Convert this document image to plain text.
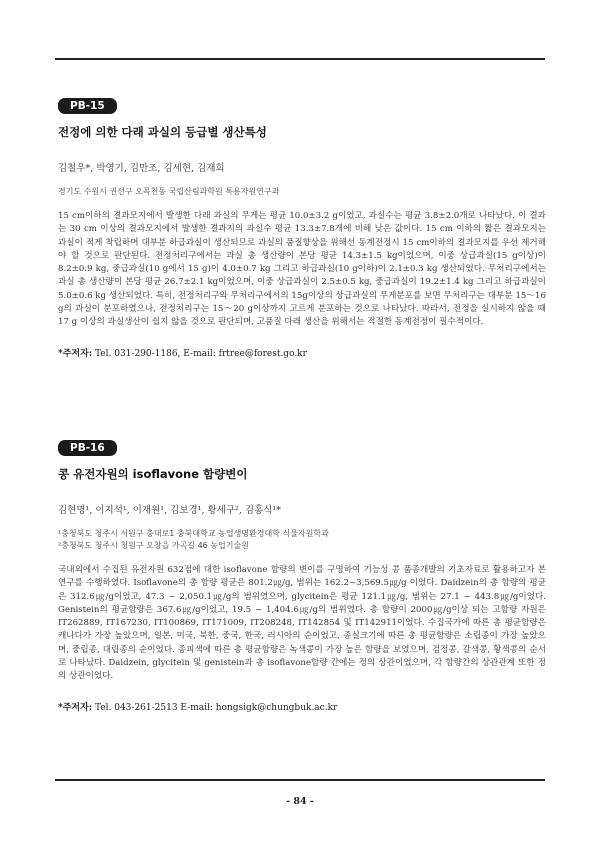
PB-15
전정에 의한 다래 과실의 등급별 생산특성
김철우*, 박영기, 김만조, 김세현, 김재희
경기도 수원시 권선구 오목천동 국립산림과학원 특용자원연구과
15 cm이하의 결과모지에서 발생한 다래 과실의 무게는 평균 10.0±3.2 g이었고, 과실수는 평균 3.8±2.0개로 나타났다. 이 결과는 30 cm 이상의 결과모지에서 발생한 결과지의 과실수 평균 13.3±7.8개에 비해 낮은 값이다. 15 cm 이하의 짧은 결과모지는 과실이 적게 착립하며 대부분 하급과실이 생산되므로 과실의 품질향상을 위해선 동계전정시 15 cm이하의 결과모지를 우선 제거해야 할 것으로 판단된다. 전정처리구에서는 과실 총 생산량이 본당 평균 14.3±1.5 kg이었으며, 이중 상급과실(15 g이상)이 8.2±0.9 kg, 중급과실(10 g에서 15 g)이 4.0±0.7 kg 그리고 하급과실(10 g이하)이 2.1±0.3 kg 생산되었다. 무처리구에서는 과실 총 생산량이 본당 평균 26.7±2.1 kg이었으며, 이중 상급과실이 2.5±0.5 kg, 중급과실이 19.2±1.4 kg 그리고 하급과실이 5.0±0.6 kg 생산되었다. 특히, 전정처리구와 무처리구에서의 15g이상의 상급과실의 무게분포를 보면 무처리구는 대부분 15～16 g의 과실이 분포하였으나, 전정처리구는 15～20 g이상까지 고르게 분포하는 것으로 나타났다. 따라서, 전정을 실시하지 않을 때 17 g 이상의 과실생산이 쉽지 않을 것으로 판단되며, 고품질 다래 생산을 위해서는 적절한 동계전정이 필수적이다.
*주저자: Tel. 031-290-1186, E-mail: frtree@forest.go.kr
PB-16
콩 유전자원의 isoflavone 함량변이
김현명¹, 이지석¹, 이재원¹, 김보경¹, 황세구², 김홍식¹*
¹충청북도 청주시 서원구 충대로1 충북대학교 농업생명환경대학 식물자원학과
²충청북도 청주시 청원구 오창읍 가곡길 46 농업기술원
국내외에서 수집된 유전자원 632점에 대한 isoflavone 함량의 변이를 구명하여 기능성 콩 품종개발의 기초자료로 활용하고자 본 연구를 수행하였다. Isoflavone의 총 함량 평균은 801.2㎍/g, 범위는 162.2~3,569.5㎍/g 이었다. Daidzein의 총 함량의 평균은 312.6㎍/g이었고, 47.3 ~ 2,050.1㎍/g의 범위였으며, glycitein은 평균 121.1㎍/g, 범위는 27.1 ~ 443.8㎍/g이었다. Genistein의 평균함량은 367.6㎍/g이었고, 19.5 ~ 1,404.6㎍/g의 범위였다. 총 함량이 2000㎍/g이상 되는 고함량 자원은 IT262889, IT167230, IT100869, IT171009, IT208248, IT142854 및 IT142911이었다. 수집국가에 따른 총 평균함량은 캐나다가 가장 높았으며, 일본, 미국, 북한, 중국, 한국, 러시아의 순이었고, 종실크기에 따른 총 평균함량은 소립종이 가장 높았으며, 중립종, 대립종의 순이었다. 종피색에 따른 총 평균함량은 녹색콩이 가장 높은 함량을 보였으며, 검정콩, 갈색콩, 황색콩의 순서로 나타났다. Daidzein, glycitein 및 genistein과 총 isoflavone함량 간에는 정의 상관이었으며, 각 함량간의 상관관계 또한 정의 상관이었다.
*주저자: Tel. 043-261-2513 E-mail: hongsigk@chungbuk.ac.kr
- 84 -
